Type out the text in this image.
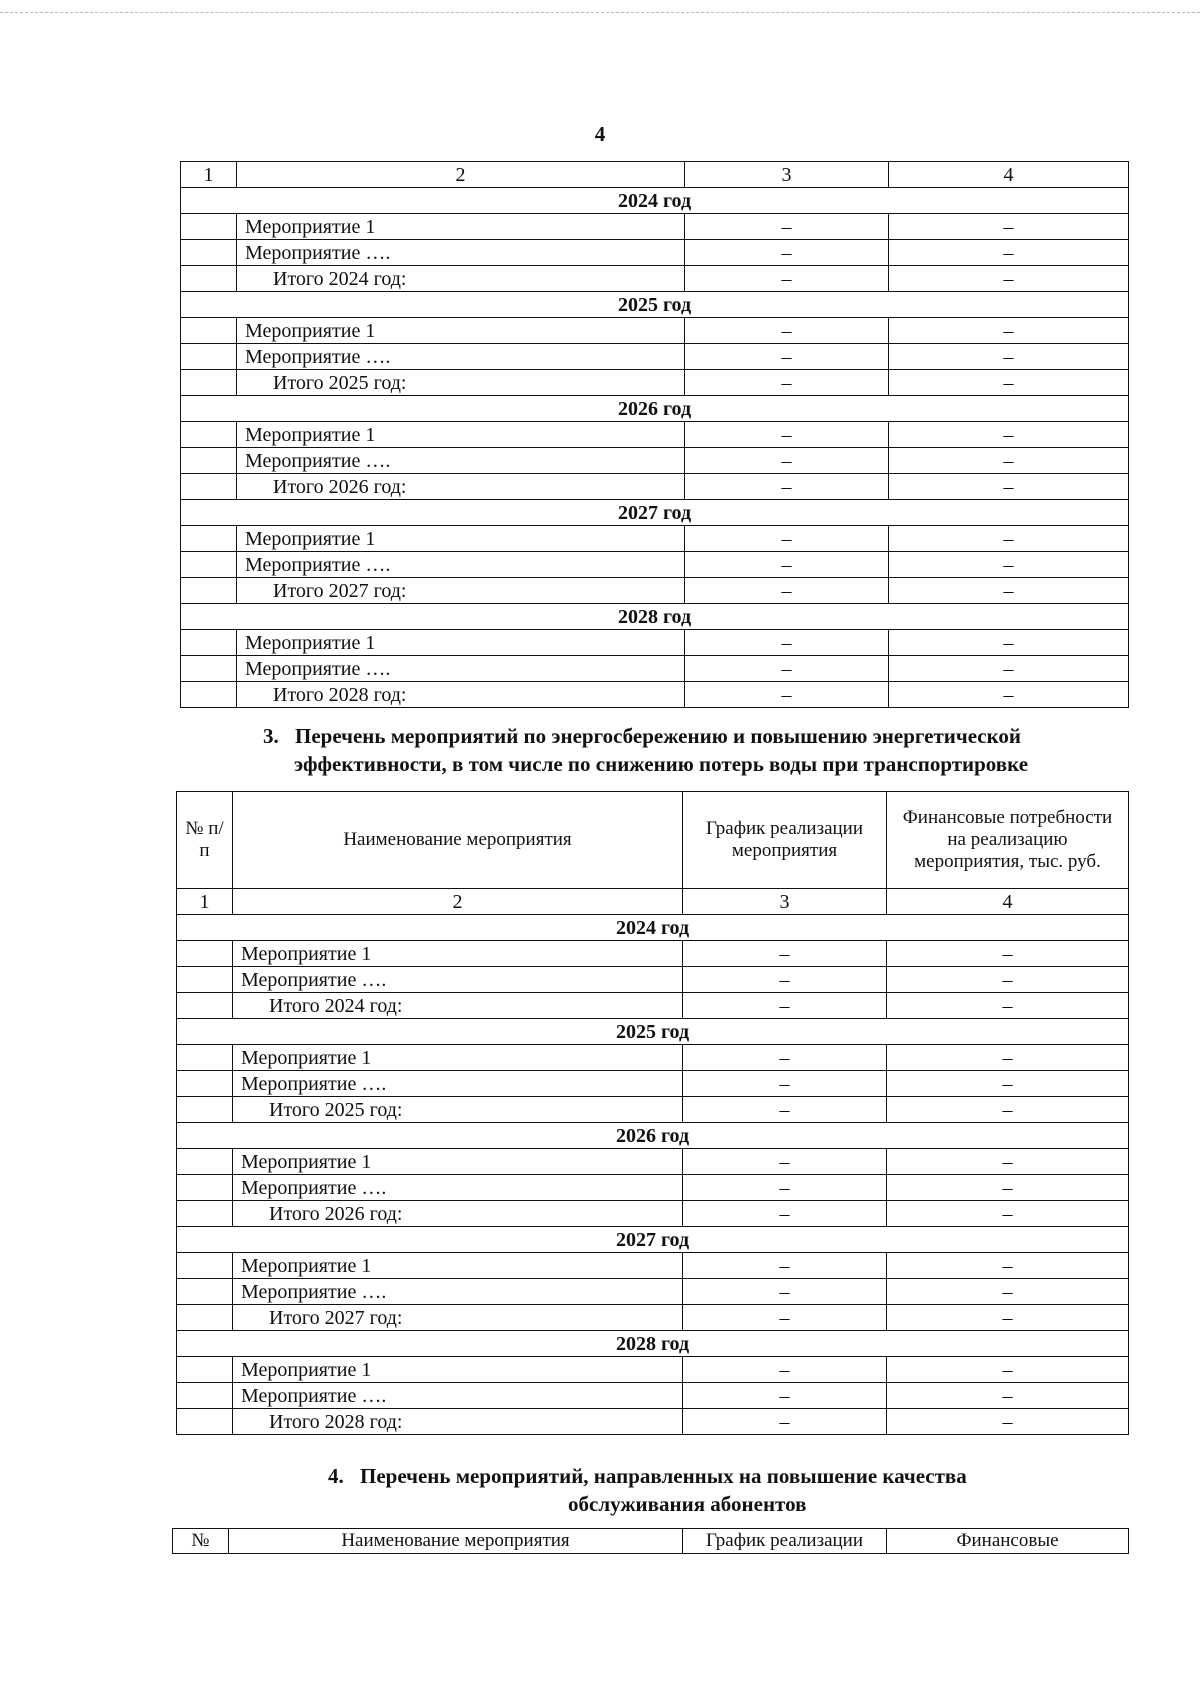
4
1	2	3	4
2024 год			
	Мероприятие 1	–	–
	Мероприятие ….	–	–
	Итого 2024 год:	–	–
2025 год			
	Мероприятие 1	–	–
	Мероприятие ….	–	–
	Итого 2025 год:	–	–
2026 год			
	Мероприятие 1	–	–
	Мероприятие ….	–	–
	Итого 2026 год:	–	–
2027 год			
	Мероприятие 1	–	–
	Мероприятие ….	–	–
	Итого 2027 год:	–	–
2028 год			
	Мероприятие 1	–	–
	Мероприятие ….	–	–
	Итого 2028 год:	–	–
3. Перечень мероприятий по энергосбережению и повышению энергетической
эффективности, в том числе по снижению потерь воды при транспортировке
№ п/п	Наименование мероприятия	График реализации мероприятия	Финансовые потребности на реализацию мероприятия, тыс. руб.
1	2	3	4
2024 год			
	Мероприятие 1	–	–
	Мероприятие ….	–	–
	Итого 2024 год:	–	–
2025 год			
	Мероприятие 1	–	–
	Мероприятие ….	–	–
	Итого 2025 год:	–	–
2026 год			
	Мероприятие 1	–	–
	Мероприятие ….	–	–
	Итого 2026 год:	–	–
2027 год			
	Мероприятие 1	–	–
	Мероприятие ….	–	–
	Итого 2027 год:	–	–
2028 год			
	Мероприятие 1	–	–
	Мероприятие ….	–	–
	Итого 2028 год:	–	–
4. Перечень мероприятий, направленных на повышение качества
обслуживания абонентов
№	Наименование мероприятия	График реализации	Финансовые
